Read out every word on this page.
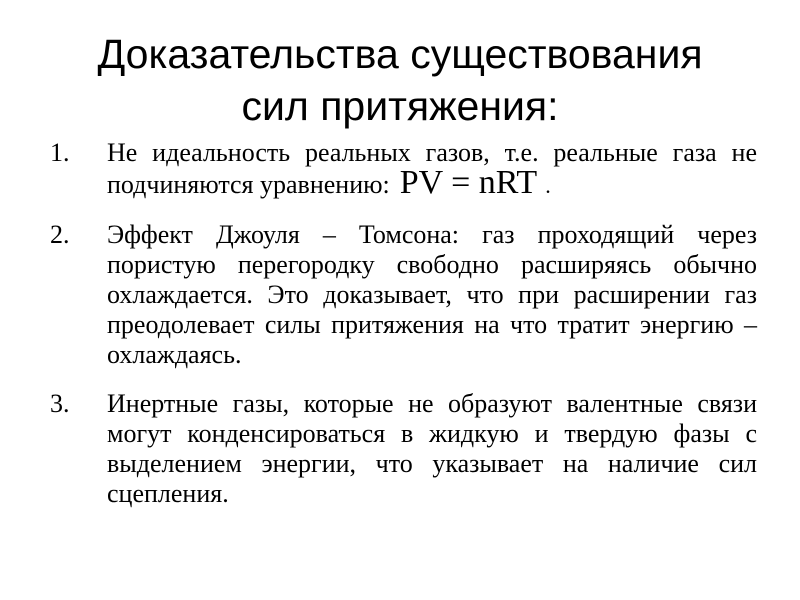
Доказательства существования
сил притяжения:
1.	Не идеальность реальных газов, т.е. реальные газа не подчиняются уравнению: PV = nRT .
2.	Эффект Джоуля – Томсона: газ проходящий через пористую перегородку свободно расширяясь обычно охлаждается. Это доказывает, что при расширении газ преодолевает силы притяжения на что тратит энергию – охлаждаясь.
3.	Инертные газы, которые не образуют валентные связи могут конденсироваться в жидкую и твердую фазы с выделением энергии, что указывает на наличие сил сцепления.
